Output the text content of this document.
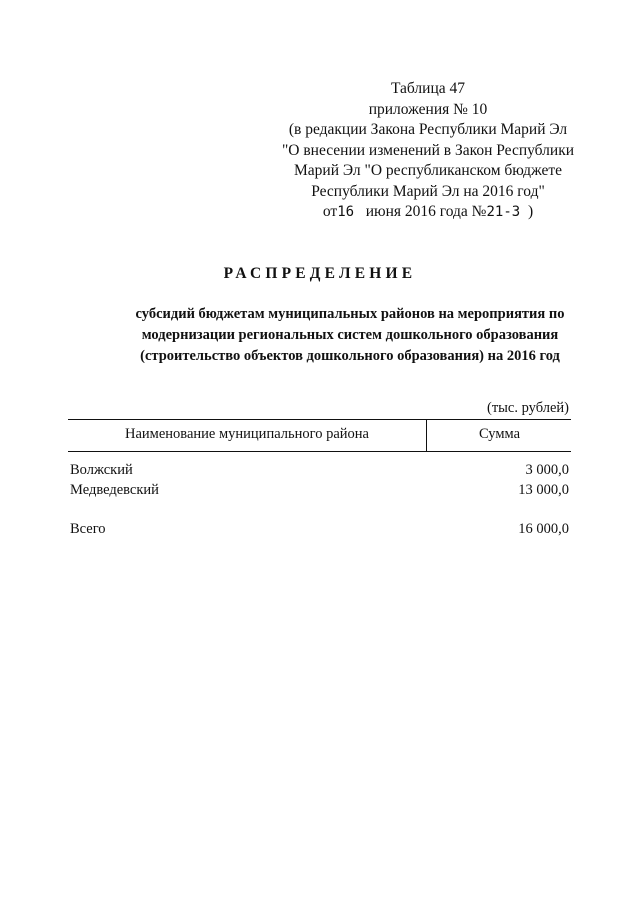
Таблица 47
приложения № 10
(в редакции Закона Республики Марий Эл
"О внесении изменений в Закон Республики
Марий Эл "О республиканском бюджете
Республики Марий Эл на 2016 год"
от16 июня 2016 года №21-З )
РАСПРЕДЕЛЕНИЕ
субсидий бюджетам муниципальных районов на мероприятия по
модернизации региональных систем дошкольного образования
(строительство объектов дошкольного образования) на 2016 год
(тыс. рублей)
Наименование муниципального района	Сумма
Волжский	3 000,0
Медведевский	13 000,0
Всего	16 000,0
